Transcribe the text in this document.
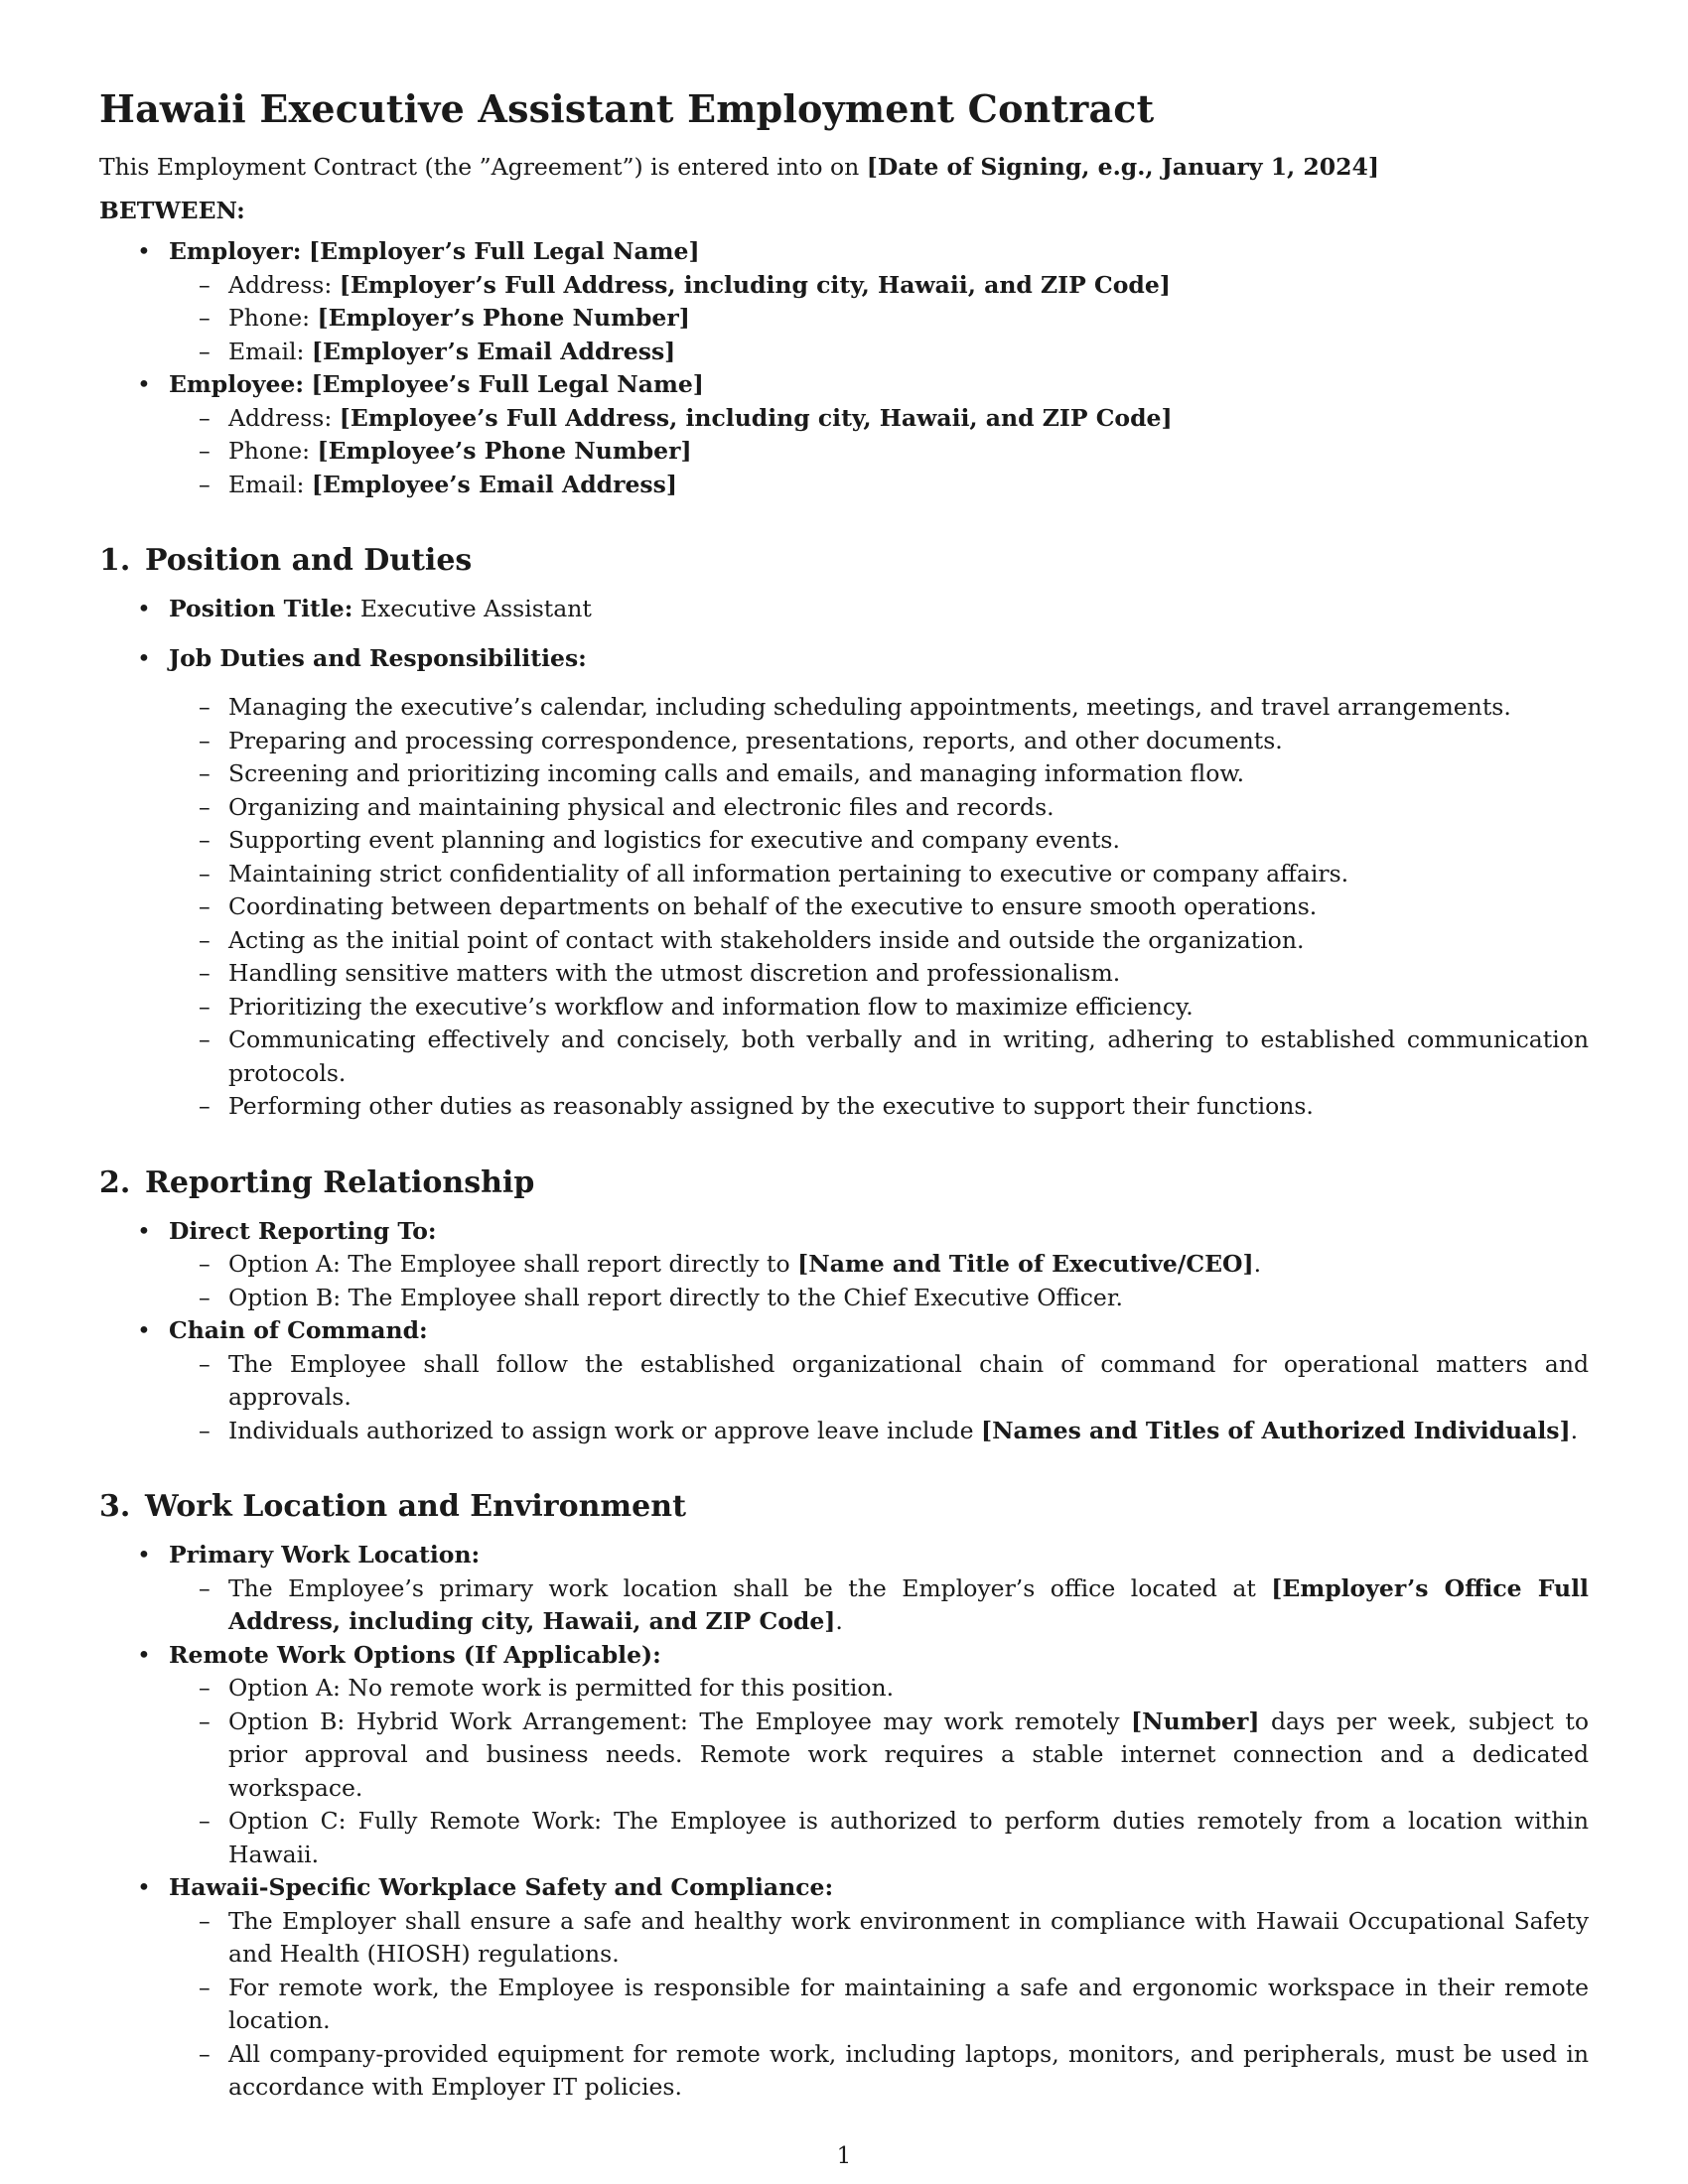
Hawaii Executive Assistant Employment Contract

This Employment Contract (the ”Agreement”) is entered into on [Date of Signing, e.g., January 1, 2024]

BETWEEN:

• Employer: [Employer’s Full Legal Name]
– Address: [Employer’s Full Address, including city, Hawaii, and ZIP Code]
– Phone: [Employer’s Phone Number]
– Email: [Employer’s Email Address]
• Employee: [Employee’s Full Legal Name]
– Address: [Employee’s Full Address, including city, Hawaii, and ZIP Code]
– Phone: [Employee’s Phone Number]
– Email: [Employee’s Email Address]
1. Position and Duties
• Position Title: Executive Assistant
• Job Duties and Responsibilities:
– Managing the executive’s calendar, including scheduling appointments, meetings, and travel arrangements.
– Preparing and processing correspondence, presentations, reports, and other documents.
– Screening and prioritizing incoming calls and emails, and managing information flow.
– Organizing and maintaining physical and electronic files and records.
– Supporting event planning and logistics for executive and company events.
– Maintaining strict confidentiality of all information pertaining to executive or company affairs.
– Coordinating between departments on behalf of the executive to ensure smooth operations.
– Acting as the initial point of contact with stakeholders inside and outside the organization.
– Handling sensitive matters with the utmost discretion and professionalism.
– Prioritizing the executive’s workflow and information flow to maximize efficiency.
– Communicating effectively and concisely, both verbally and in writing, adhering to established communication protocols.
– Performing other duties as reasonably assigned by the executive to support their functions.
2. Reporting Relationship
• Direct Reporting To:
– Option A: The Employee shall report directly to [Name and Title of Executive/CEO].
– Option B: The Employee shall report directly to the Chief Executive Officer.
• Chain of Command:
– The Employee shall follow the established organizational chain of command for operational matters and approvals.
– Individuals authorized to assign work or approve leave include [Names and Titles of Authorized Individuals].
3. Work Location and Environment
• Primary Work Location:
– The Employee’s primary work location shall be the Employer’s office located at [Employer’s Office Full Address, including city, Hawaii, and ZIP Code].
• Remote Work Options (If Applicable):
– Option A: No remote work is permitted for this position.
– Option B: Hybrid Work Arrangement: The Employee may work remotely [Number] days per week, subject to prior approval and business needs. Remote work requires a stable internet connection and a dedicated workspace.
– Option C: Fully Remote Work: The Employee is authorized to perform duties remotely from a location within Hawaii.
• Hawaii-Specific Workplace Safety and Compliance:
– The Employer shall ensure a safe and healthy work environment in compliance with Hawaii Occupational Safety and Health (HIOSH) regulations.
– For remote work, the Employee is responsible for maintaining a safe and ergonomic workspace in their remote location.
– All company-provided equipment for remote work, including laptops, monitors, and peripherals, must be used in accordance with Employer IT policies.
1
